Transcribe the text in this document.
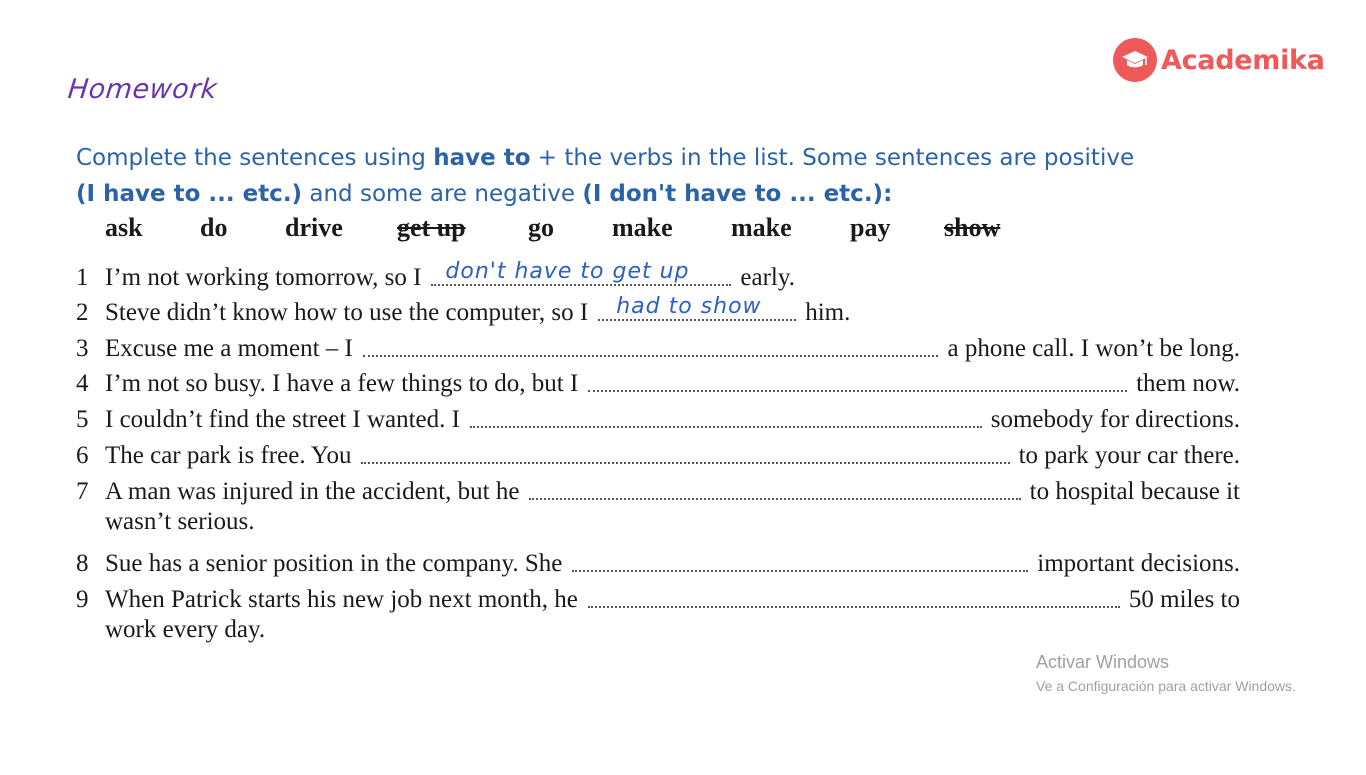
Homework
Academika
Complete the sentences using have to + the verbs in the list. Some sentences are positive
(I have to ... etc.) and some are negative (I don't have to ... etc.):
ask do drive get up go make make pay show
1 I’m not working tomorrow, so I don't have to get up early.
2 Steve didn’t know how to use the computer, so I had to show him.
3 Excuse me a moment – I	a phone call. I won’t be long.
4 I’m not so busy. I have a few things to do, but I	them now.
5 I couldn’t find the street I wanted. I	somebody for directions.
6 The car park is free. You	to park your car there.
7 A man was injured in the accident, but he	to hospital because it
wasn’t serious.
8 Sue has a senior position in the company. She	important decisions.
9 When Patrick starts his new job next month, he	50 miles to
work every day.
Activar Windows
Ve a Configuración para activar Windows.
